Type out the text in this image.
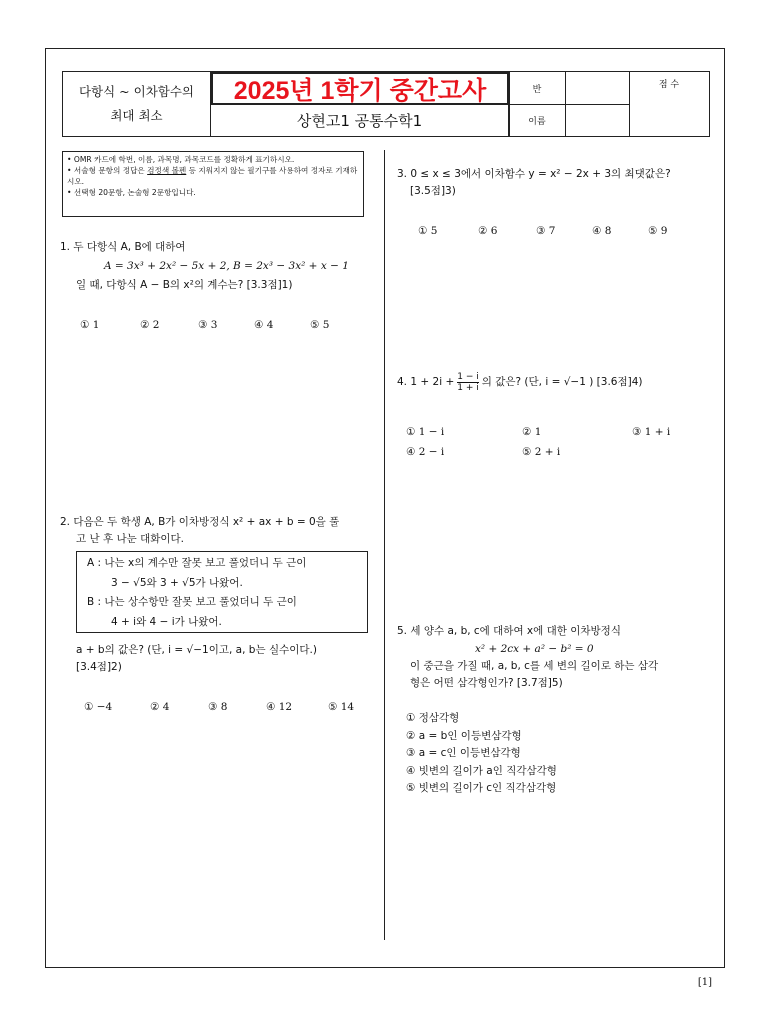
다항식 ~ 이차함수의
최대 최소
2025년 1학기 중간고사
상현고1 공통수학1
반	점 수
이름
• OMR 카드에 학번, 이름, 과목명, 과목코드를 정확하게 표기하시오.
• 서술형 문항의 정답은 검정색 볼펜 등 지워지지 않는 필기구를 사용하여 정자로 기재하시오.
• 선택형 20문항, 논술형 2문항입니다.
1. 두 다항식 A, B에 대하여
A = 3x³ + 2x² − 5x + 2, B = 2x³ − 3x² + x − 1
일 때, 다항식 A − B의 x²의 계수는? [3.3점]1)
① 1	② 2	③ 3	④ 4	⑤ 5
2. 다음은 두 학생 A, B가 이차방정식 x² + ax + b = 0을 풀
고 난 후 나눈 대화이다.
A : 나는 x의 계수만 잘못 보고 풀었더니 두 근이
3 − √5와 3 + √5가 나왔어.
B : 나는 상수항만 잘못 보고 풀었더니 두 근이
4 + i와 4 − i가 나왔어.
a + b의 값은? (단, i = √−1이고, a, b는 실수이다.)
[3.4점]2)
① −4	② 4	③ 8	④ 12	⑤ 14
3. 0 ≤ x ≤ 3에서 이차함수 y = x² − 2x + 3의 최댓값은?
[3.5점]3)
① 5	② 6	③ 7	④ 8	⑤ 9
4. $1 + 2i + \frac{1 - i}{1 + i}$ 의 값은? (단, i = √−1 ) [3.6점]4)
① 1 − i	② 1	③ 1 + i
④ 2 − i	⑤ 2 + i
5. 세 양수 a, b, c에 대하여 x에 대한 이차방정식
x² + 2cx + a² − b² = 0
이 중근을 가질 때, a, b, c를 세 변의 길이로 하는 삼각
형은 어떤 삼각형인가? [3.7점]5)
① 정삼각형
② a = b인 이등변삼각형
③ a = c인 이등변삼각형
④ 빗변의 길이가 a인 직각삼각형
⑤ 빗변의 길이가 c인 직각삼각형
[1]
